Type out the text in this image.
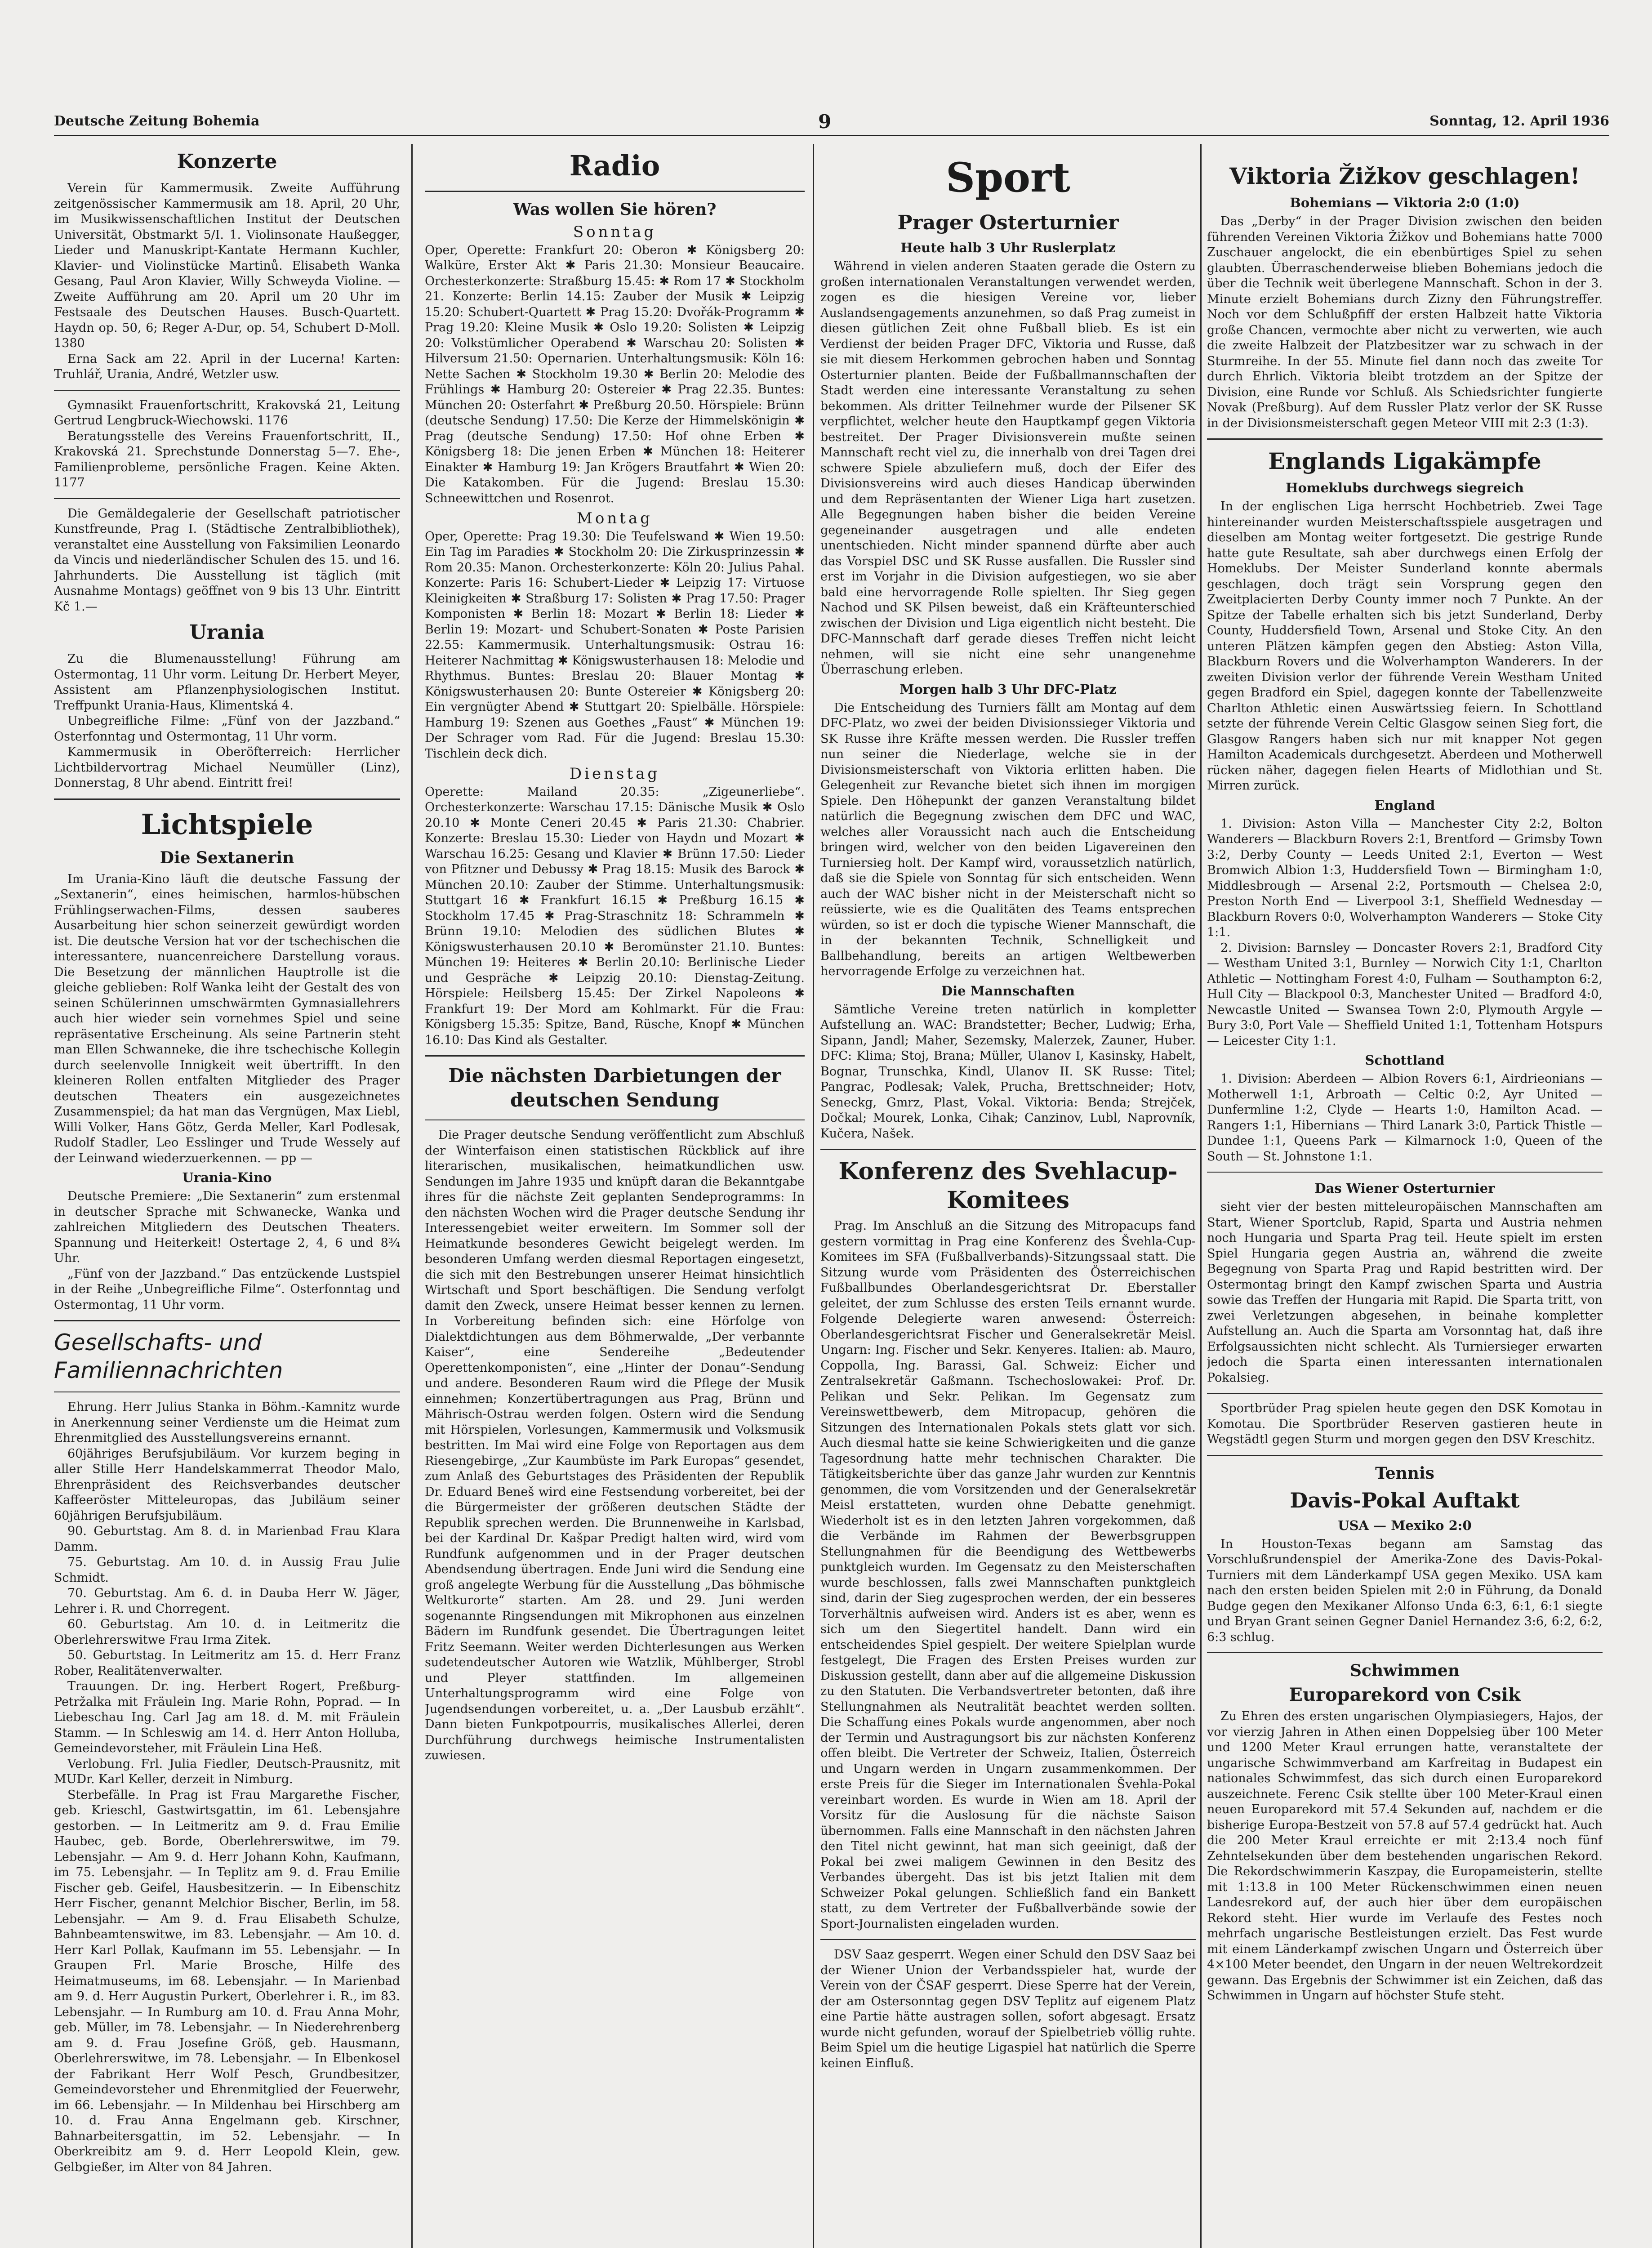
Deutsche Zeitung Bohemia	9	Sonntag, 12. April 1936
Konzerte

Verein für Kammermusik. Zweite Aufführung zeitgenössischer Kammermusik am 18. April, 20 Uhr, im Musikwissenschaftlichen Institut der Deutschen Universität, Obstmarkt 5/I. 1. Violinsonate Haußegger, Lieder und Manuskript-Kantate Hermann Kuchler, Klavier- und Violinstücke Martinů. Elisabeth Wanka Gesang, Paul Aron Klavier, Willy Schweyda Violine. — Zweite Aufführung am 20. April um 20 Uhr im Festsaale des Deutschen Hauses. Busch-Quartett. Haydn op. 50, 6; Reger A-Dur, op. 54, Schubert D-Moll. 1380

Erna Sack am 22. April in der Lucerna! Karten: Truhlář, Urania, André, Wetzler usw.

Gymnasikt Frauenfortschritt, Krakovská 21, Leitung Gertrud Lengbruck-Wiechowski. 1176

Beratungsstelle des Vereins Frauenfortschritt, II., Krakovská 21. Sprechstunde Donnerstag 5—7. Ehe-, Familienprobleme, persönliche Fragen. Keine Akten. 1177

Die Gemäldegalerie der Gesellschaft patriotischer Kunstfreunde, Prag I. (Städtische Zentralbibliothek), veranstaltet eine Ausstellung von Faksimilien Leonardo da Vincis und niederländischer Schulen des 15. und 16. Jahrhunderts. Die Ausstellung ist täglich (mit Ausnahme Montags) geöffnet von 9 bis 13 Uhr. Eintritt Kč 1.—

Urania

Zu die Blumenausstellung! Führung am Ostermontag, 11 Uhr vorm. Leitung Dr. Herbert Meyer, Assistent am Pflanzenphysiologischen Institut. Treffpunkt Urania-Haus, Klimentská 4.

Unbegreifliche Filme: „Fünf von der Jazzband.“ Osterfonntag und Ostermontag, 11 Uhr vorm.

Kammermusik in Oberöfterreich: Herrlicher Lichtbildervortrag Michael Neumüller (Linz), Donnerstag, 8 Uhr abend. Eintritt frei!

Lichtspiele
Die Sextanerin

Im Urania-Kino läuft die deutsche Fassung der „Sextanerin“, eines heimischen, harmlos-hübschen Frühlingserwachen-Films, dessen sauberes Ausarbeitung hier schon seinerzeit gewürdigt worden ist. Die deutsche Version hat vor der tschechischen die interessantere, nuancenreichere Darstellung voraus. Die Besetzung der männlichen Hauptrolle ist die gleiche geblieben: Rolf Wanka leiht der Gestalt des von seinen Schülerinnen umschwärmten Gymnasiallehrers auch hier wieder sein vornehmes Spiel und seine repräsentative Erscheinung. Als seine Partnerin steht man Ellen Schwanneke, die ihre tschechische Kollegin durch seelenvolle Innigkeit weit übertrifft. In den kleineren Rollen entfalten Mitglieder des Prager deutschen Theaters ein ausgezeichnetes Zusammenspiel; da hat man das Vergnügen, Max Liebl, Willi Volker, Hans Götz, Gerda Meller, Karl Podlesak, Rudolf Stadler, Leo Esslinger und Trude Wessely auf der Leinwand wiederzuerkennen. — pp —

Urania-Kino

Deutsche Premiere: „Die Sextanerin“ zum erstenmal in deutscher Sprache mit Schwanecke, Wanka und zahlreichen Mitgliedern des Deutschen Theaters. Spannung und Heiterkeit! Ostertage 2, 4, 6 und 8¾ Uhr.

„Fünf von der Jazzband.“ Das entzückende Lustspiel in der Reihe „Unbegreifliche Filme“. Osterfonntag und Ostermontag, 11 Uhr vorm.

Gesellschafts- und Familiennachrichten

Ehrung. Herr Julius Stanka in Böhm.-Kamnitz wurde in Anerkennung seiner Verdienste um die Heimat zum Ehrenmitglied des Ausstellungsvereins ernannt.

60jähriges Berufsjubiläum. Vor kurzem beging in aller Stille Herr Handelskammerrat Theodor Malo, Ehrenpräsident des Reichsverbandes deutscher Kaffeeröster Mitteleuropas, das Jubiläum seiner 60jährigen Berufsjubiläum.

90. Geburtstag. Am 8. d. in Marienbad Frau Klara Damm.

75. Geburtstag. Am 10. d. in Aussig Frau Julie Schmidt.

70. Geburtstag. Am 6. d. in Dauba Herr W. Jäger, Lehrer i. R. und Chorregent.

60. Geburtstag. Am 10. d. in Leitmeritz die Oberlehrerswitwe Frau Irma Zitek.

50. Geburtstag. In Leitmeritz am 15. d. Herr Franz Rober, Realitätenverwalter.

Trauungen. Dr. ing. Herbert Rogert, Preßburg-Petržalka mit Fräulein Ing. Marie Rohn, Poprad. — In Liebeschau Ing. Carl Jag am 18. d. M. mit Fräulein Stamm. — In Schleswig am 14. d. Herr Anton Holluba, Gemeindevorsteher, mit Fräulein Lina Heß.

Verlobung. Frl. Julia Fiedler, Deutsch-Prausnitz, mit MUDr. Karl Keller, derzeit in Nimburg.

Sterbefälle. In Prag ist Frau Margarethe Fischer, geb. Krieschl, Gastwirtsgattin, im 61. Lebensjahre gestorben. — In Leitmeritz am 9. d. Frau Emilie Haubec, geb. Borde, Oberlehrerswitwe, im 79. Lebensjahr. — Am 9. d. Herr Johann Kohn, Kaufmann, im 75. Lebensjahr. — In Teplitz am 9. d. Frau Emilie Fischer geb. Geifel, Hausbesitzerin. — In Eibenschitz Herr Fischer, genannt Melchior Bischer, Berlin, im 58. Lebensjahr. — Am 9. d. Frau Elisabeth Schulze, Bahnbeamtenswitwe, im 83. Lebensjahr. — Am 10. d. Herr Karl Pollak, Kaufmann im 55. Lebensjahr. — In Graupen Frl. Marie Brosche, Hilfe des Heimatmuseums, im 68. Lebensjahr. — In Marienbad am 9. d. Herr Augustin Purkert, Oberlehrer i. R., im 83. Lebensjahr. — In Rumburg am 10. d. Frau Anna Mohr, geb. Müller, im 78. Lebensjahr. — In Niederehrenberg am 9. d. Frau Josefine Größ, geb. Hausmann, Oberlehrerswitwe, im 78. Lebensjahr. — In Elbenkosel der Fabrikant Herr Wolf Pesch, Grundbesitzer, Gemeindevorsteher und Ehrenmitglied der Feuerwehr, im 66. Lebensjahr. — In Mildenhau bei Hirschberg am 10. d. Frau Anna Engelmann geb. Kirschner, Bahnarbeitersgattin, im 52. Lebensjahr. — In Oberkreibitz am 9. d. Herr Leopold Klein, gew. Gelbgießer, im Alter von 84 Jahren.

Radio
Was wollen Sie hören?
Sonntag

Oper, Operette: Frankfurt 20: Oberon ✱ Königsberg 20: Walküre, Erster Akt ✱ Paris 21.30: Monsieur Beaucaire. Orchesterkonzerte: Straßburg 15.45: ✱ Rom 17 ✱ Stockholm 21. Konzerte: Berlin 14.15: Zauber der Musik ✱ Leipzig 15.20: Schubert-Quartett ✱ Prag 15.20: Dvořák-Programm ✱ Prag 19.20: Kleine Musik ✱ Oslo 19.20: Solisten ✱ Leipzig 20: Volkstümlicher Operabend ✱ Warschau 20: Solisten ✱ Hilversum 21.50: Opernarien. Unterhaltungsmusik: Köln 16: Nette Sachen ✱ Stockholm 19.30 ✱ Berlin 20: Melodie des Frühlings ✱ Hamburg 20: Ostereier ✱ Prag 22.35. Buntes: München 20: Osterfahrt ✱ Preßburg 20.50. Hörspiele: Brünn (deutsche Sendung) 17.50: Die Kerze der Himmelskönigin ✱ Prag (deutsche Sendung) 17.50: Hof ohne Erben ✱ Königsberg 18: Die jenen Erben ✱ München 18: Heiterer Einakter ✱ Hamburg 19: Jan Krögers Brautfahrt ✱ Wien 20: Die Katakomben. Für die Jugend: Breslau 15.30: Schneewittchen und Rosenrot.

Montag

Oper, Operette: Prag 19.30: Die Teufelswand ✱ Wien 19.50: Ein Tag im Paradies ✱ Stockholm 20: Die Zirkusprinzessin ✱ Rom 20.35: Manon. Orchesterkonzerte: Köln 20: Julius Pahal. Konzerte: Paris 16: Schubert-Lieder ✱ Leipzig 17: Virtuose Kleinigkeiten ✱ Straßburg 17: Solisten ✱ Prag 17.50: Prager Komponisten ✱ Berlin 18: Mozart ✱ Berlin 18: Lieder ✱ Berlin 19: Mozart- und Schubert-Sonaten ✱ Poste Parisien 22.55: Kammermusik. Unterhaltungsmusik: Ostrau 16: Heiterer Nachmittag ✱ Königswusterhausen 18: Melodie und Rhythmus. Buntes: Breslau 20: Blauer Montag ✱ Königswusterhausen 20: Bunte Ostereier ✱ Königsberg 20: Ein vergnügter Abend ✱ Stuttgart 20: Spielbälle. Hörspiele: Hamburg 19: Szenen aus Goethes „Faust“ ✱ München 19: Der Schrager vom Rad. Für die Jugend: Breslau 15.30: Tischlein deck dich.

Dienstag

Operette: Mailand 20.35: „Zigeunerliebe“. Orchesterkonzerte: Warschau 17.15: Dänische Musik ✱ Oslo 20.10 ✱ Monte Ceneri 20.45 ✱ Paris 21.30: Chabrier. Konzerte: Breslau 15.30: Lieder von Haydn und Mozart ✱ Warschau 16.25: Gesang und Klavier ✱ Brünn 17.50: Lieder von Pfitzner und Debussy ✱ Prag 18.15: Musik des Barock ✱ München 20.10: Zauber der Stimme. Unterhaltungsmusik: Stuttgart 16 ✱ Frankfurt 16.15 ✱ Preßburg 16.15 ✱ Stockholm 17.45 ✱ Prag-Straschnitz 18: Schrammeln ✱ Brünn 19.10: Melodien des südlichen Blutes ✱ Königswusterhausen 20.10 ✱ Beromünster 21.10. Buntes: München 19: Heiteres ✱ Berlin 20.10: Berlinische Lieder und Gespräche ✱ Leipzig 20.10: Dienstag-Zeitung. Hörspiele: Heilsberg 15.45: Der Zirkel Napoleons ✱ Frankfurt 19: Der Mord am Kohlmarkt. Für die Frau: Königsberg 15.35: Spitze, Band, Rüsche, Knopf ✱ München 16.10: Das Kind als Gestalter.

Die nächsten Darbietungen der deutschen Sendung

Die Prager deutsche Sendung veröffentlicht zum Abschluß der Winterfaison einen statistischen Rückblick auf ihre literarischen, musikalischen, heimatkundlichen usw. Sendungen im Jahre 1935 und knüpft daran die Bekanntgabe ihres für die nächste Zeit geplanten Sendeprogramms: In den nächsten Wochen wird die Prager deutsche Sendung ihr Interessengebiet weiter erweitern. Im Sommer soll der Heimatkunde besonderes Gewicht beigelegt werden. Im besonderen Umfang werden diesmal Reportagen eingesetzt, die sich mit den Bestrebungen unserer Heimat hinsichtlich Wirtschaft und Sport beschäftigen. Die Sendung verfolgt damit den Zweck, unsere Heimat besser kennen zu lernen. In Vorbereitung befinden sich: eine Hörfolge von Dialektdichtungen aus dem Böhmerwalde, „Der verbannte Kaiser“, eine Sendereihe „Bedeutender Operettenkomponisten“, eine „Hinter der Donau“-Sendung und andere. Besonderen Raum wird die Pflege der Musik einnehmen; Konzertübertragungen aus Prag, Brünn und Mährisch-Ostrau werden folgen. Ostern wird die Sendung mit Hörspielen, Vorlesungen, Kammermusik und Volksmusik bestritten. Im Mai wird eine Folge von Reportagen aus dem Riesengebirge, „Zur Kaumbüste im Park Europas“ gesendet, zum Anlaß des Geburtstages des Präsidenten der Republik Dr. Eduard Beneš wird eine Festsendung vorbereitet, bei der die Bürgermeister der größeren deutschen Städte der Republik sprechen werden. Die Brunnenweihe in Karlsbad, bei der Kardinal Dr. Kašpar Predigt halten wird, wird vom Rundfunk aufgenommen und in der Prager deutschen Abendsendung übertragen. Ende Juni wird die Sendung eine groß angelegte Werbung für die Ausstellung „Das böhmische Weltkurorte“ starten. Am 28. und 29. Juni werden sogenannte Ringsendungen mit Mikrophonen aus einzelnen Bädern im Rundfunk gesendet. Die Übertragungen leitet Fritz Seemann. Weiter werden Dichterlesungen aus Werken sudetendeutscher Autoren wie Watzlik, Mühlberger, Strobl und Pleyer stattfinden. Im allgemeinen Unterhaltungsprogramm wird eine Folge von Jugendsendungen vorbereitet, u. a. „Der Lausbub erzählt“. Dann bieten Funkpotpourris, musikalisches Allerlei, deren Durchführung durchwegs heimische Instrumentalisten zuwiesen.

Sport
Prager Osterturnier
Heute halb 3 Uhr Ruslerplatz

Während in vielen anderen Staaten gerade die Ostern zu großen internationalen Veranstaltungen verwendet werden, zogen es die hiesigen Vereine vor, lieber Auslandsengagements anzunehmen, so daß Prag zumeist in diesen gütlichen Zeit ohne Fußball blieb. Es ist ein Verdienst der beiden Prager DFC, Viktoria und Russe, daß sie mit diesem Herkommen gebrochen haben und Sonntag Osterturnier planten. Beide der Fußballmannschaften der Stadt werden eine interessante Veranstaltung zu sehen bekommen. Als dritter Teilnehmer wurde der Pilsener SK verpflichtet, welcher heute den Hauptkampf gegen Viktoria bestreitet. Der Prager Divisionsverein mußte seinen Mannschaft recht viel zu, die innerhalb von drei Tagen drei schwere Spiele abzuliefern muß, doch der Eifer des Divisionsvereins wird auch dieses Handicap überwinden und dem Repräsentanten der Wiener Liga hart zusetzen. Alle Begegnungen haben bisher die beiden Vereine gegeneinander ausgetragen und alle endeten unentschieden. Nicht minder spannend dürfte aber auch das Vorspiel DSC und SK Russe ausfallen. Die Russler sind erst im Vorjahr in die Division aufgestiegen, wo sie aber bald eine hervorragende Rolle spielten. Ihr Sieg gegen Nachod und SK Pilsen beweist, daß ein Kräfteunterschied zwischen der Division und Liga eigentlich nicht besteht. Die DFC-Mannschaft darf gerade dieses Treffen nicht leicht nehmen, will sie nicht eine sehr unangenehme Überraschung erleben.

Morgen halb 3 Uhr DFC-Platz

Die Entscheidung des Turniers fällt am Montag auf dem DFC-Platz, wo zwei der beiden Divisionssieger Viktoria und SK Russe ihre Kräfte messen werden. Die Russler treffen nun seiner die Niederlage, welche sie in der Divisionsmeisterschaft von Viktoria erlitten haben. Die Gelegenheit zur Revanche bietet sich ihnen im morgigen Spiele. Den Höhepunkt der ganzen Veranstaltung bildet natürlich die Begegnung zwischen dem DFC und WAC, welches aller Voraussicht nach auch die Entscheidung bringen wird, welcher von den beiden Ligavereinen den Turniersieg holt. Der Kampf wird, voraussetzlich natürlich, daß sie die Spiele von Sonntag für sich entscheiden. Wenn auch der WAC bisher nicht in der Meisterschaft nicht so reüssierte, wie es die Qualitäten des Teams entsprechen würden, so ist er doch die typische Wiener Mannschaft, die in der bekannten Technik, Schnelligkeit und Ballbehandlung, bereits an artigen Weltbewerben hervorragende Erfolge zu verzeichnen hat.

Die Mannschaften

Sämtliche Vereine treten natürlich in kompletter Aufstellung an. WAC: Brandstetter; Becher, Ludwig; Erha, Sipann, Jandl; Maher, Sezemsky, Malerzek, Zauner, Huber. DFC: Klima; Stoj, Brana; Müller, Ulanov I, Kasinsky, Habelt, Bognar, Trunschka, Kindl, Ulanov II. SK Russe: Titel; Pangrac, Podlesak; Valek, Prucha, Brettschneider; Hotv, Seneckg, Gmrz, Plast, Vokal. Viktoria: Benda; Strejček, Dočkal; Mourek, Lonka, Cihak; Canzinov, Lubl, Naprovník, Kučera, Našek.

Konferenz des Svehlacup-Komitees

Prag. Im Anschluß an die Sitzung des Mitropacups fand gestern vormittag in Prag eine Konferenz des Švehla-Cup-Komitees im SFA (Fußballverbands)-Sitzungssaal statt. Die Sitzung wurde vom Präsidenten des Österreichischen Fußballbundes Oberlandesgerichtsrat Dr. Eberstaller geleitet, der zum Schlusse des ersten Teils ernannt wurde. Folgende Delegierte waren anwesend: Österreich: Oberlandesgerichtsrat Fischer und Generalsekretär Meisl. Ungarn: Ing. Fischer und Sekr. Kenyeres. Italien: ab. Mauro, Coppolla, Ing. Barassi, Gal. Schweiz: Eicher und Zentralsekretär Gaßmann. Tschechoslowakei: Prof. Dr. Pelikan und Sekr. Pelikan. Im Gegensatz zum Vereinswettbewerb, dem Mitropacup, gehören die Sitzungen des Internationalen Pokals stets glatt vor sich. Auch diesmal hatte sie keine Schwierigkeiten und die ganze Tagesordnung hatte mehr technischen Charakter. Die Tätigkeitsberichte über das ganze Jahr wurden zur Kenntnis genommen, die vom Vorsitzenden und der Generalsekretär Meisl erstatteten, wurden ohne Debatte genehmigt. Wiederholt ist es in den letzten Jahren vorgekommen, daß die Verbände im Rahmen der Bewerbsgruppen Stellungnahmen für die Beendigung des Wettbewerbs punktgleich wurden. Im Gegensatz zu den Meisterschaften wurde beschlossen, falls zwei Mannschaften punktgleich sind, darin der Sieg zugesprochen werden, der ein besseres Torverhältnis aufweisen wird. Anders ist es aber, wenn es sich um den Siegertitel handelt. Dann wird ein entscheidendes Spiel gespielt. Der weitere Spielplan wurde festgelegt, Die Fragen des Ersten Preises wurden zur Diskussion gestellt, dann aber auf die allgemeine Diskussion zu den Statuten. Die Verbandsvertreter betonten, daß ihre Stellungnahmen als Neutralität beachtet werden sollten. Die Schaffung eines Pokals wurde angenommen, aber noch der Termin und Austragungsort bis zur nächsten Konferenz offen bleibt. Die Vertreter der Schweiz, Italien, Österreich und Ungarn werden in Ungarn zusammenkommen. Der erste Preis für die Sieger im Internationalen Švehla-Pokal vereinbart worden. Es wurde in Wien am 18. April der Vorsitz für die Auslosung für die nächste Saison übernommen. Falls eine Mannschaft in den nächsten Jahren den Titel nicht gewinnt, hat man sich geeinigt, daß der Pokal bei zwei maligem Gewinnen in den Besitz des Verbandes übergeht. Das ist bis jetzt Italien mit dem Schweizer Pokal gelungen. Schließlich fand ein Bankett statt, zu dem Vertreter der Fußballverbände sowie der Sport-Journalisten eingeladen wurden.

DSV Saaz gesperrt. Wegen einer Schuld den DSV Saaz bei der Wiener Union der Verbandsspieler hat, wurde der Verein von der ČSAF gesperrt. Diese Sperre hat der Verein, der am Ostersonntag gegen DSV Teplitz auf eigenem Platz eine Partie hätte austragen sollen, sofort abgesagt. Ersatz wurde nicht gefunden, worauf der Spielbetrieb völlig ruhte. Beim Spiel um die heutige Ligaspiel hat natürlich die Sperre keinen Einfluß.

Viktoria Žižkov geschlagen!
Bohemians — Viktoria 2:0 (1:0)

Das „Derby“ in der Prager Division zwischen den beiden führenden Vereinen Viktoria Žižkov und Bohemians hatte 7000 Zuschauer angelockt, die ein ebenbürtiges Spiel zu sehen glaubten. Überraschenderweise blieben Bohemians jedoch die über die Technik weit überlegene Mannschaft. Schon in der 3. Minute erzielt Bohemians durch Zizny den Führungstreffer. Noch vor dem Schlußpfiff der ersten Halbzeit hatte Viktoria große Chancen, vermochte aber nicht zu verwerten, wie auch die zweite Halbzeit der Platzbesitzer war zu schwach in der Sturmreihe. In der 55. Minute fiel dann noch das zweite Tor durch Ehrlich. Viktoria bleibt trotzdem an der Spitze der Division, eine Runde vor Schluß. Als Schiedsrichter fungierte Novak (Preßburg). Auf dem Russler Platz verlor der SK Russe in der Divisionsmeisterschaft gegen Meteor VIII mit 2:3 (1:3).

Englands Ligakämpfe
Homeklubs durchwegs siegreich

In der englischen Liga herrscht Hochbetrieb. Zwei Tage hintereinander wurden Meisterschaftsspiele ausgetragen und dieselben am Montag weiter fortgesetzt. Die gestrige Runde hatte gute Resultate, sah aber durchwegs einen Erfolg der Homeklubs. Der Meister Sunderland konnte abermals geschlagen, doch trägt sein Vorsprung gegen den Zweitplacierten Derby County immer noch 7 Punkte. An der Spitze der Tabelle erhalten sich bis jetzt Sunderland, Derby County, Huddersfield Town, Arsenal und Stoke City. An den unteren Plätzen kämpfen gegen den Abstieg: Aston Villa, Blackburn Rovers und die Wolverhampton Wanderers. In der zweiten Division verlor der führende Verein Westham United gegen Bradford ein Spiel, dagegen konnte der Tabellenzweite Charlton Athletic einen Auswärtssieg feiern. In Schottland setzte der führende Verein Celtic Glasgow seinen Sieg fort, die Glasgow Rangers haben sich nur mit knapper Not gegen Hamilton Academicals durchgesetzt. Aberdeen und Motherwell rücken näher, dagegen fielen Hearts of Midlothian und St. Mirren zurück.

England

1. Division: Aston Villa — Manchester City 2:2, Bolton Wanderers — Blackburn Rovers 2:1, Brentford — Grimsby Town 3:2, Derby County — Leeds United 2:1, Everton — West Bromwich Albion 1:3, Huddersfield Town — Birmingham 1:0, Middlesbrough — Arsenal 2:2, Portsmouth — Chelsea 2:0, Preston North End — Liverpool 3:1, Sheffield Wednesday — Blackburn Rovers 0:0, Wolverhampton Wanderers — Stoke City 1:1.

2. Division: Barnsley — Doncaster Rovers 2:1, Bradford City — Westham United 3:1, Burnley — Norwich City 1:1, Charlton Athletic — Nottingham Forest 4:0, Fulham — Southampton 6:2, Hull City — Blackpool 0:3, Manchester United — Bradford 4:0, Newcastle United — Swansea Town 2:0, Plymouth Argyle — Bury 3:0, Port Vale — Sheffield United 1:1, Tottenham Hotspurs — Leicester City 1:1.

Schottland

1. Division: Aberdeen — Albion Rovers 6:1, Airdrieonians — Motherwell 1:1, Arbroath — Celtic 0:2, Ayr United — Dunfermline 1:2, Clyde — Hearts 1:0, Hamilton Acad. — Rangers 1:1, Hibernians — Third Lanark 3:0, Partick Thistle — Dundee 1:1, Queens Park — Kilmarnock 1:0, Queen of the South — St. Johnstone 1:1.

Das Wiener Osterturnier

sieht vier der besten mitteleuropäischen Mannschaften am Start, Wiener Sportclub, Rapid, Sparta und Austria nehmen noch Hungaria und Sparta Prag teil. Heute spielt im ersten Spiel Hungaria gegen Austria an, während die zweite Begegnung von Sparta Prag und Rapid bestritten wird. Der Ostermontag bringt den Kampf zwischen Sparta und Austria sowie das Treffen der Hungaria mit Rapid. Die Sparta tritt, von zwei Verletzungen abgesehen, in beinahe kompletter Aufstellung an. Auch die Sparta am Vorsonntag hat, daß ihre Erfolgsaussichten nicht schlecht. Als Turniersieger erwarten jedoch die Sparta einen interessanten internationalen Pokalsieg.

Sportbrüder Prag spielen heute gegen den DSK Komotau in Komotau. Die Sportbrüder Reserven gastieren heute in Wegstädtl gegen Sturm und morgen gegen den DSV Kreschitz.

Tennis
Davis-Pokal Auftakt
USA — Mexiko 2:0

In Houston-Texas begann am Samstag das Vorschlußrundenspiel der Amerika-Zone des Davis-Pokal-Turniers mit dem Länderkampf USA gegen Mexiko. USA kam nach den ersten beiden Spielen mit 2:0 in Führung, da Donald Budge gegen den Mexikaner Alfonso Unda 6:3, 6:1, 6:1 siegte und Bryan Grant seinen Gegner Daniel Hernandez 3:6, 6:2, 6:2, 6:3 schlug.

Schwimmen
Europarekord von Csik

Zu Ehren des ersten ungarischen Olympiasiegers, Hajos, der vor vierzig Jahren in Athen einen Doppelsieg über 100 Meter und 1200 Meter Kraul errungen hatte, veranstaltete der ungarische Schwimmverband am Karfreitag in Budapest ein nationales Schwimmfest, das sich durch einen Europarekord auszeichnete. Ferenc Csik stellte über 100 Meter-Kraul einen neuen Europarekord mit 57.4 Sekunden auf, nachdem er die bisherige Europa-Bestzeit von 57.8 auf 57.4 gedrückt hat. Auch die 200 Meter Kraul erreichte er mit 2:13.4 noch fünf Zehntelsekunden über dem bestehenden ungarischen Rekord. Die Rekordschwimmerin Kaszpay, die Europameisterin, stellte mit 1:13.8 in 100 Meter Rückenschwimmen einen neuen Landesrekord auf, der auch hier über dem europäischen Rekord steht. Hier wurde im Verlaufe des Festes noch mehrfach ungarische Bestleistungen erzielt. Das Fest wurde mit einem Länderkampf zwischen Ungarn und Österreich über 4×100 Meter beendet, den Ungarn in der neuen Weltrekordzeit gewann. Das Ergebnis der Schwimmer ist ein Zeichen, daß das Schwimmen in Ungarn auf höchster Stufe steht.
